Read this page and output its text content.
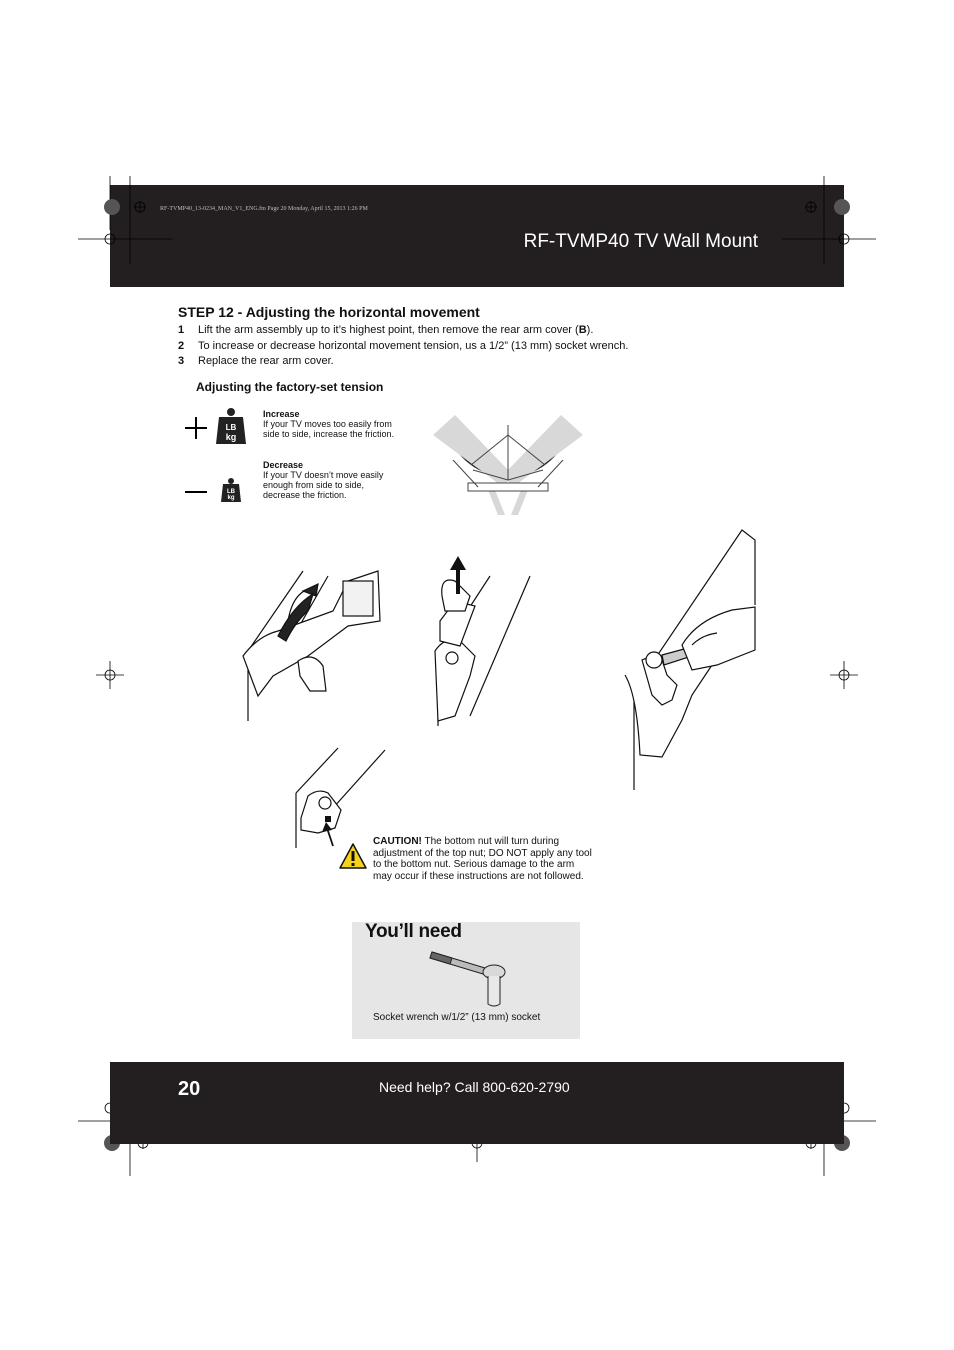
RF-TVMP40_13-0234_MAN_V1_ENG.fm Page 20 Monday, April 15, 2013 1:26 PM
RF-TVMP40 TV Wall Mount
STEP 12 - Adjusting the horizontal movement
1 Lift the arm assembly up to it’s highest point, then remove the rear arm cover (B).
2 To increase or decrease horizontal movement tension, us a 1/2” (13 mm) socket wrench.
3 Replace the rear arm cover.
Adjusting the factory-set tension
LB
kg
Increase
If your TV moves too easily from
side to side, increase the friction.
LB
kg
Decrease
If your TV doesn’t move easily
enough from side to side,
decrease the friction.
CAUTION! The bottom nut will turn during adjustment of the top nut; DO NOT apply any tool to the bottom nut. Serious damage to the arm may occur if these instructions are not followed.
You’ll need
Socket wrench w/1/2” (13 mm) socket
20	Need help? Call 800-620-2790
